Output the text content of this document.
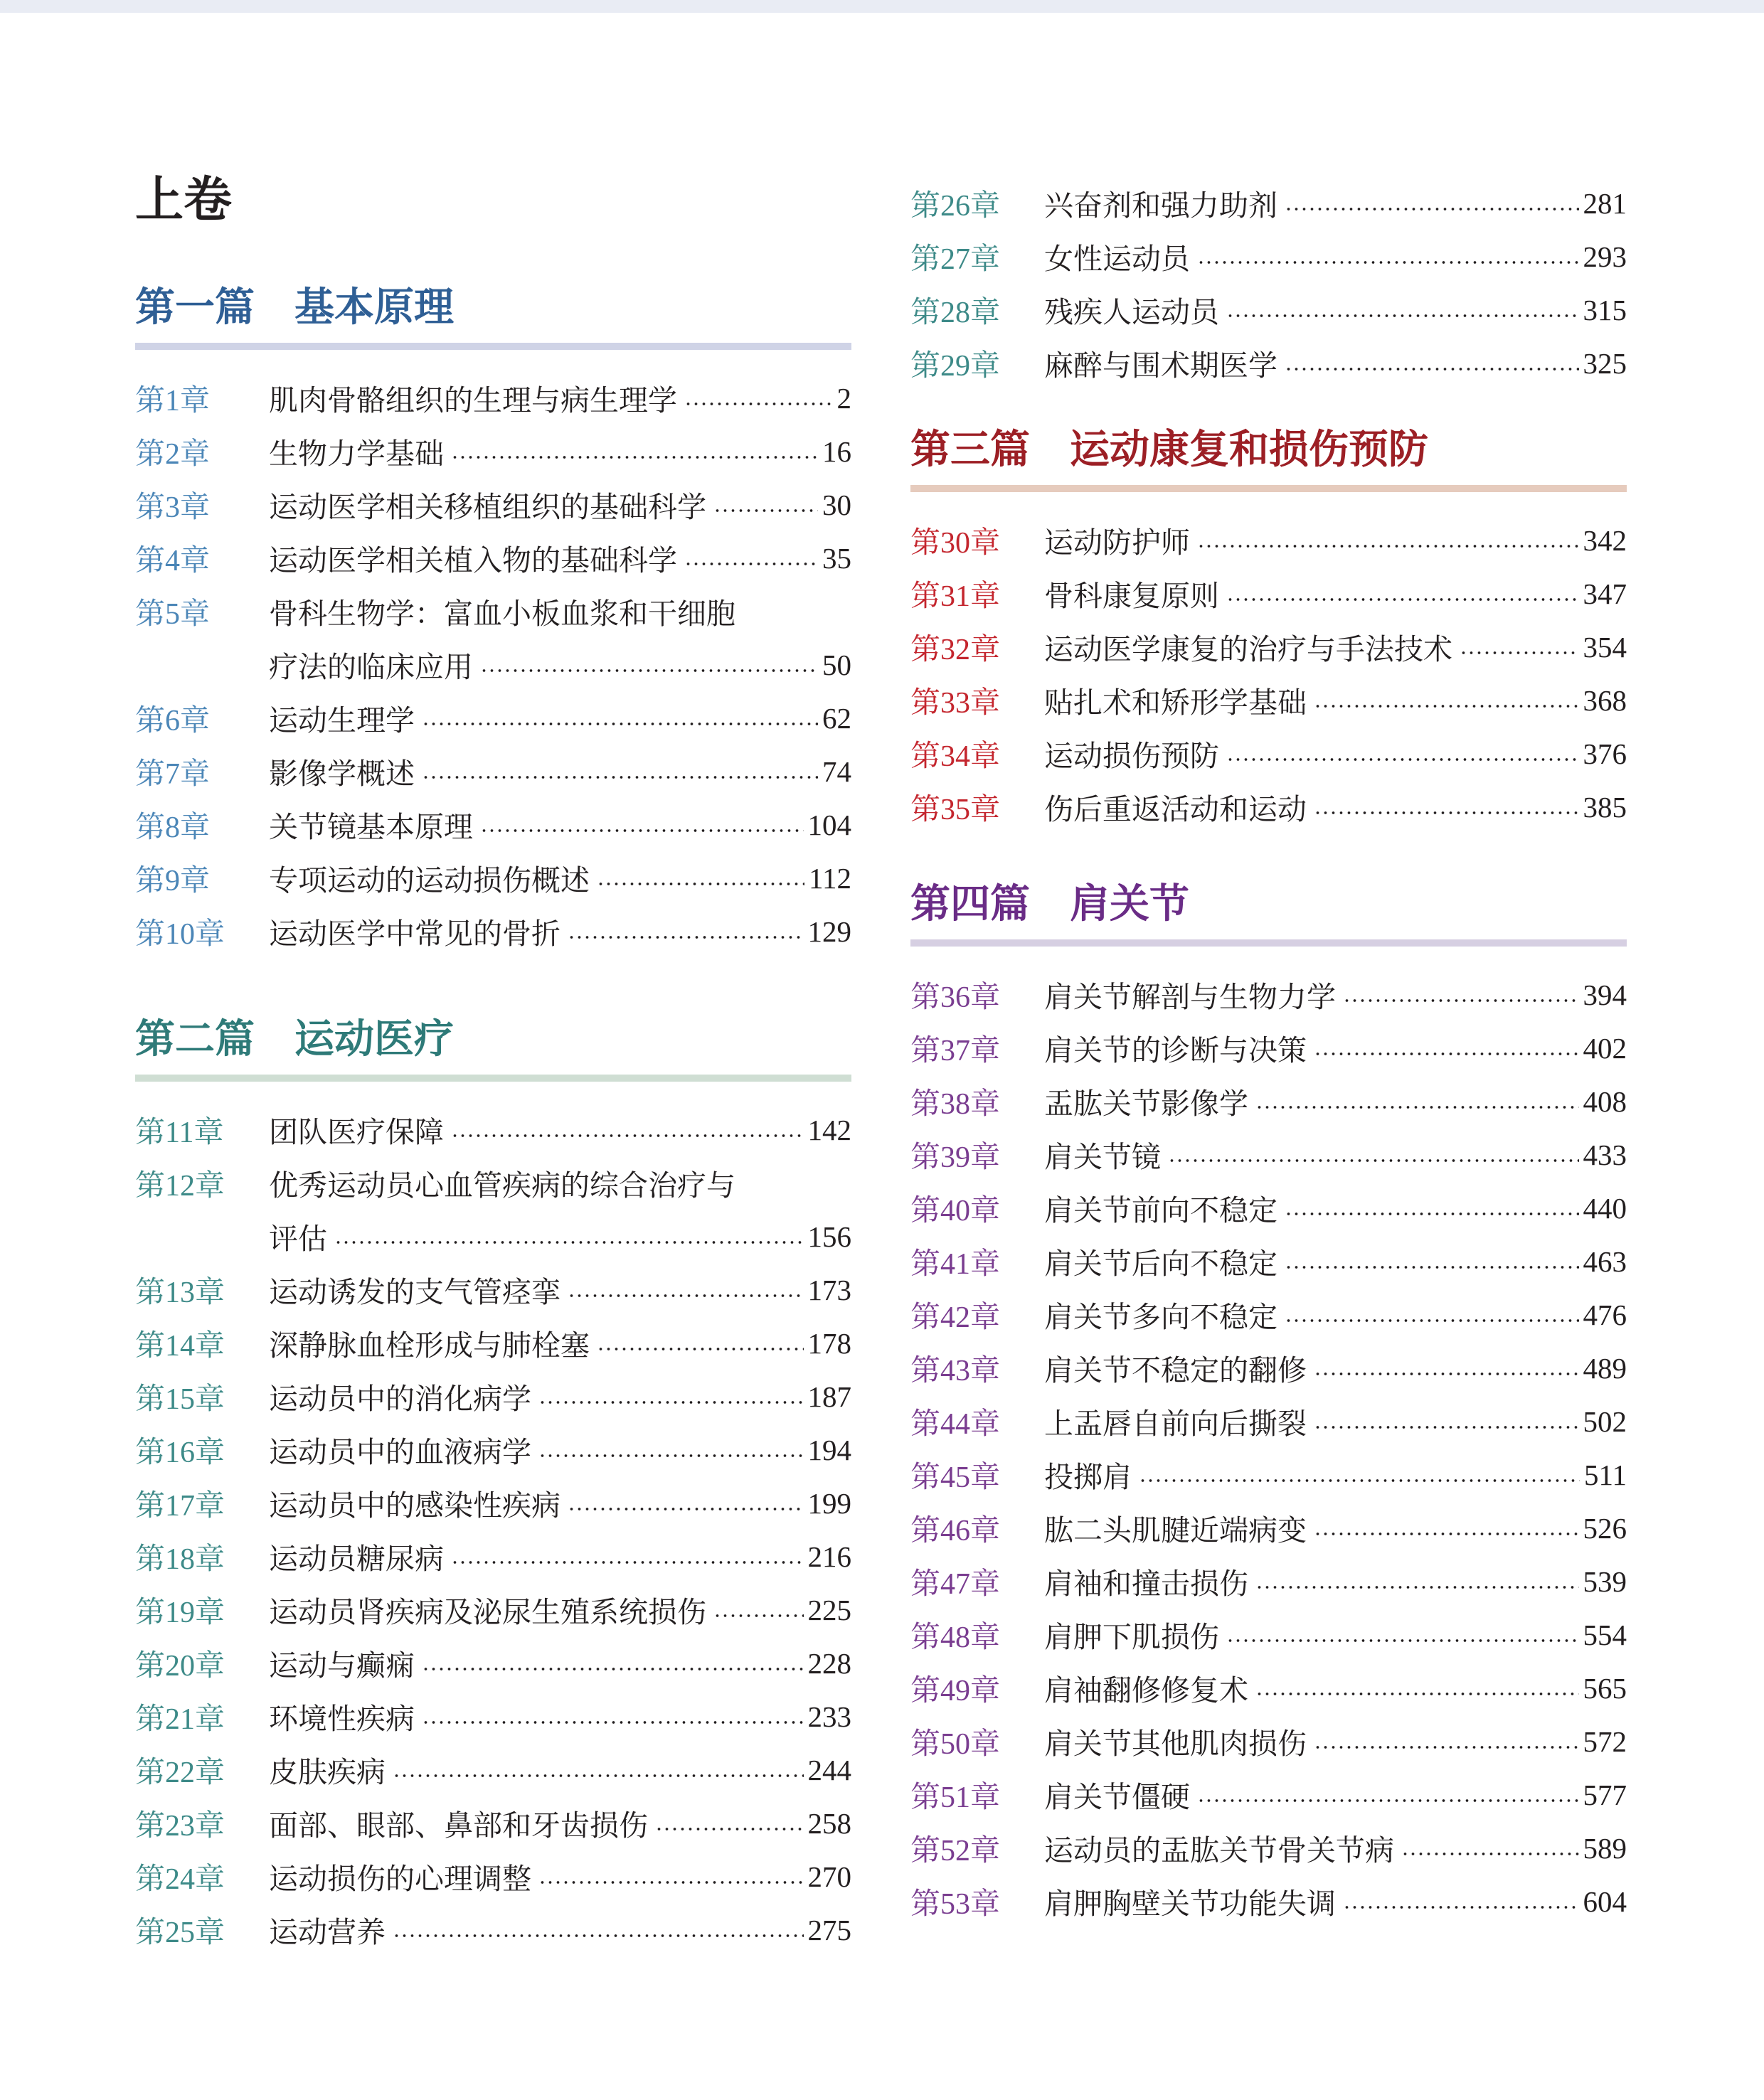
上卷
第一篇　基本原理
第1章	肌肉骨骼组织的生理与病生理学	2
第2章	生物力学基础	16
第3章	运动医学相关移植组织的基础科学	30
第4章	运动医学相关植入物的基础科学	35
第5章	骨科生物学：富血小板血浆和干细胞
疗法的临床应用	50
第6章	运动生理学	62
第7章	影像学概述	74
第8章	关节镜基本原理	104
第9章	专项运动的运动损伤概述	112
第10章	运动医学中常见的骨折	129
第二篇　运动医疗
第11章	团队医疗保障	142
第12章	优秀运动员心血管疾病的综合治疗与
评估	156
第13章	运动诱发的支气管痉挛	173
第14章	深静脉血栓形成与肺栓塞	178
第15章	运动员中的消化病学	187
第16章	运动员中的血液病学	194
第17章	运动员中的感染性疾病	199
第18章	运动员糖尿病	216
第19章	运动员肾疾病及泌尿生殖系统损伤	225
第20章	运动与癫痫	228
第21章	环境性疾病	233
第22章	皮肤疾病	244
第23章	面部、眼部、鼻部和牙齿损伤	258
第24章	运动损伤的心理调整	270
第25章	运动营养	275
第26章	兴奋剂和强力助剂	281
第27章	女性运动员	293
第28章	残疾人运动员	315
第29章	麻醉与围术期医学	325
第三篇　运动康复和损伤预防
第30章	运动防护师	342
第31章	骨科康复原则	347
第32章	运动医学康复的治疗与手法技术	354
第33章	贴扎术和矫形学基础	368
第34章	运动损伤预防	376
第35章	伤后重返活动和运动	385
第四篇　肩关节
第36章	肩关节解剖与生物力学	394
第37章	肩关节的诊断与决策	402
第38章	盂肱关节影像学	408
第39章	肩关节镜	433
第40章	肩关节前向不稳定	440
第41章	肩关节后向不稳定	463
第42章	肩关节多向不稳定	476
第43章	肩关节不稳定的翻修	489
第44章	上盂唇自前向后撕裂	502
第45章	投掷肩	511
第46章	肱二头肌腱近端病变	526
第47章	肩袖和撞击损伤	539
第48章	肩胛下肌损伤	554
第49章	肩袖翻修修复术	565
第50章	肩关节其他肌肉损伤	572
第51章	肩关节僵硬	577
第52章	运动员的盂肱关节骨关节病	589
第53章	肩胛胸壁关节功能失调	604
